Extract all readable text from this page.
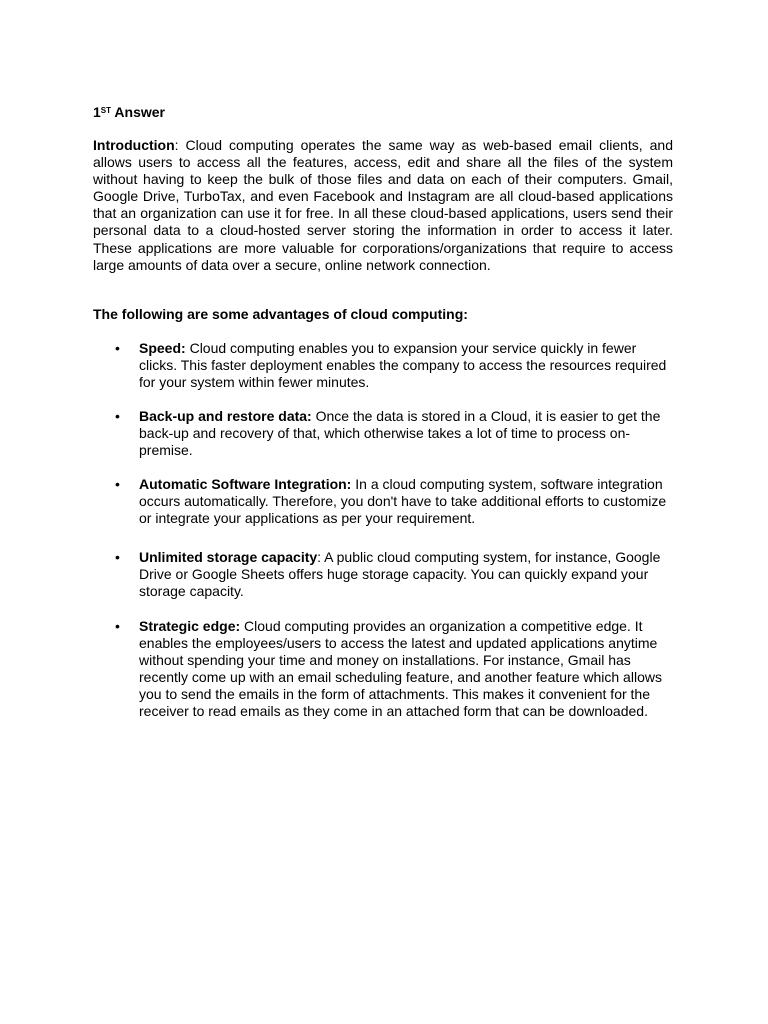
1ST Answer

Introduction: Cloud computing operates the same way as web-based email clients, and allows users to access all the features, access, edit and share all the files of the system without having to keep the bulk of those files and data on each of their computers. Gmail, Google Drive, TurboTax, and even Facebook and Instagram are all cloud-based applications that an organization can use it for free. In all these cloud-based applications, users send their personal data to a cloud-hosted server storing the information in order to access it later. These applications are more valuable for corporations/organizations that require to access large amounts of data over a secure, online network connection.

The following are some advantages of cloud computing:

• Speed: Cloud computing enables you to expansion your service quickly in fewer clicks. This faster deployment enables the company to access the resources required for your system within fewer minutes.
• Back-up and restore data: Once the data is stored in a Cloud, it is easier to get the back-up and recovery of that, which otherwise takes a lot of time to process on-premise.
• Automatic Software Integration: In a cloud computing system, software integration occurs automatically. Therefore, you don't have to take additional efforts to customize or integrate your applications as per your requirement.
• Unlimited storage capacity: A public cloud computing system, for instance, Google Drive or Google Sheets offers huge storage capacity. You can quickly expand your storage capacity.
• Strategic edge: Cloud computing provides an organization a competitive edge. It enables the employees/users to access the latest and updated applications anytime without spending your time and money on installations. For instance, Gmail has recently come up with an email scheduling feature, and another feature which allows you to send the emails in the form of attachments. This makes it convenient for the receiver to read emails as they come in an attached form that can be downloaded.
